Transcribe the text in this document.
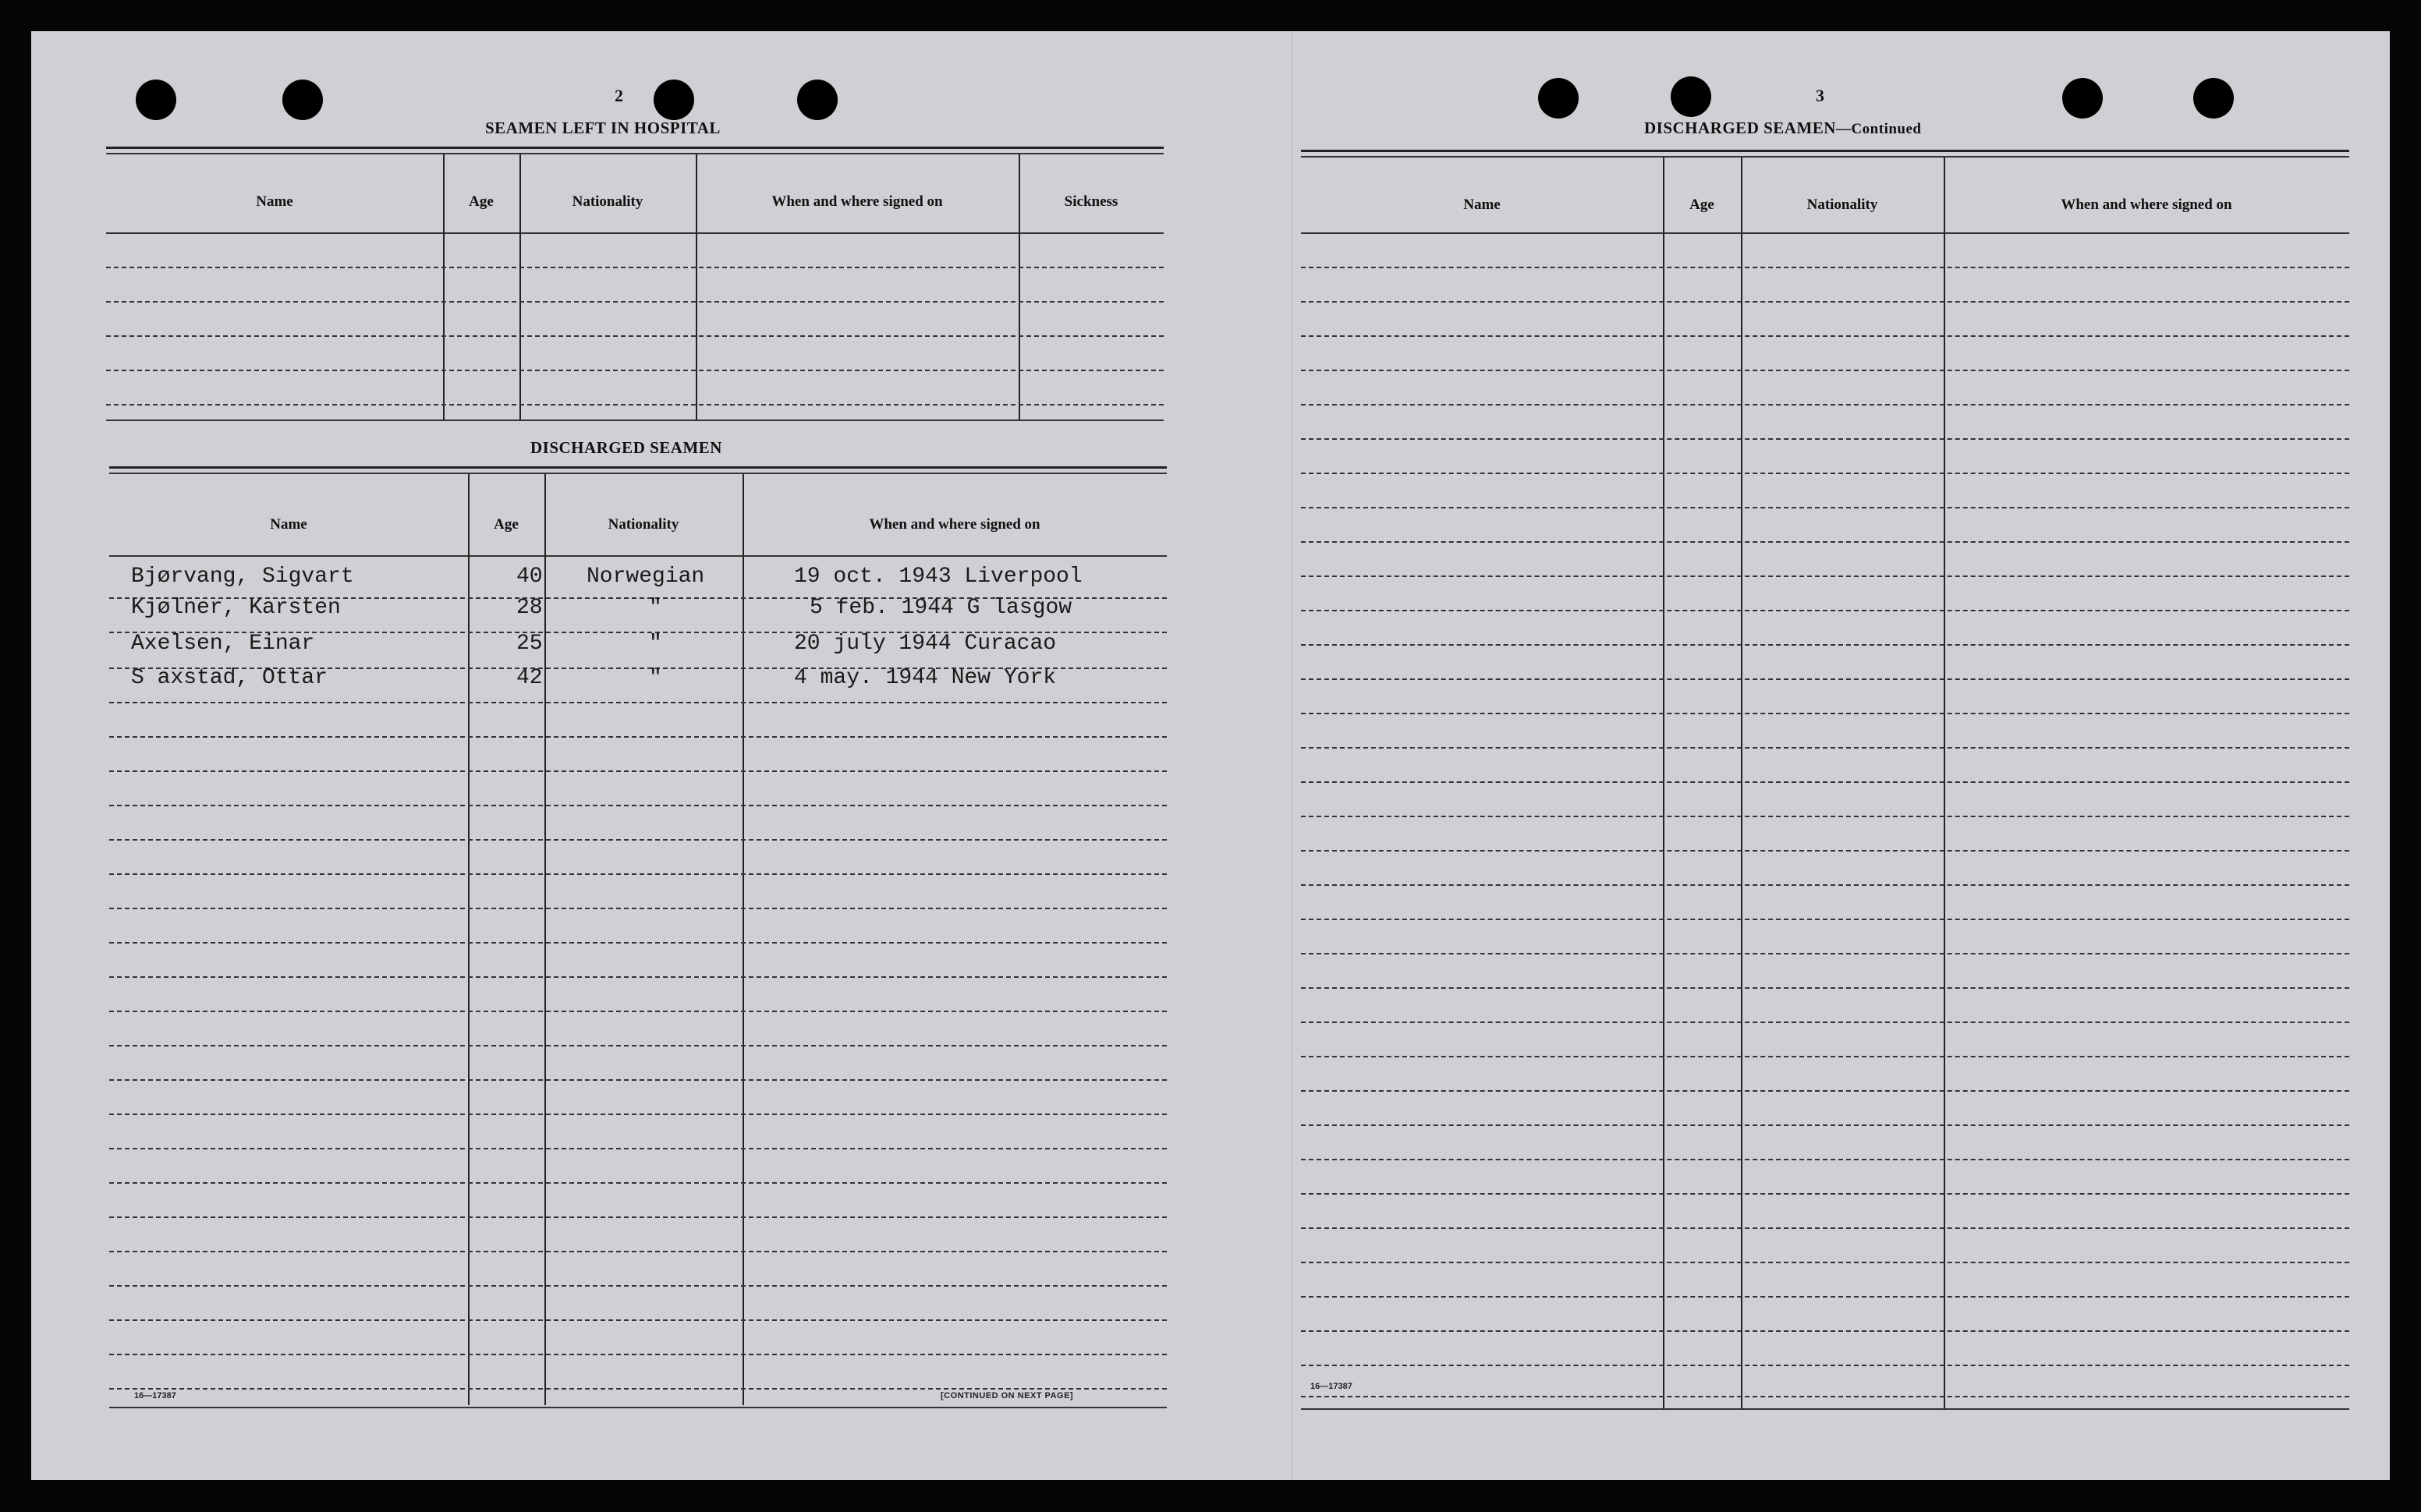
2
SEAMEN LEFT IN HOSPITAL
Name	Age	Nationality	When and where signed on	Sickness
DISCHARGED SEAMEN
Name	Age	Nationality	When and where signed on
Bjørvang, Sigvart	40 Norwegian	19 oct. 1943 Liverpool
Kjølner, Karsten	28	"	5 feb. 1944 G lasgow
Axelsen, Einar	25	"	20 july 1944 Curacao
S axstad, Ottar	42	"	4 may. 1944 New York
16—17387	[CONTINUED ON NEXT PAGE]
3
DISCHARGED SEAMEN—Continued
Name	Age	Nationality	When and where signed on
16—17387
